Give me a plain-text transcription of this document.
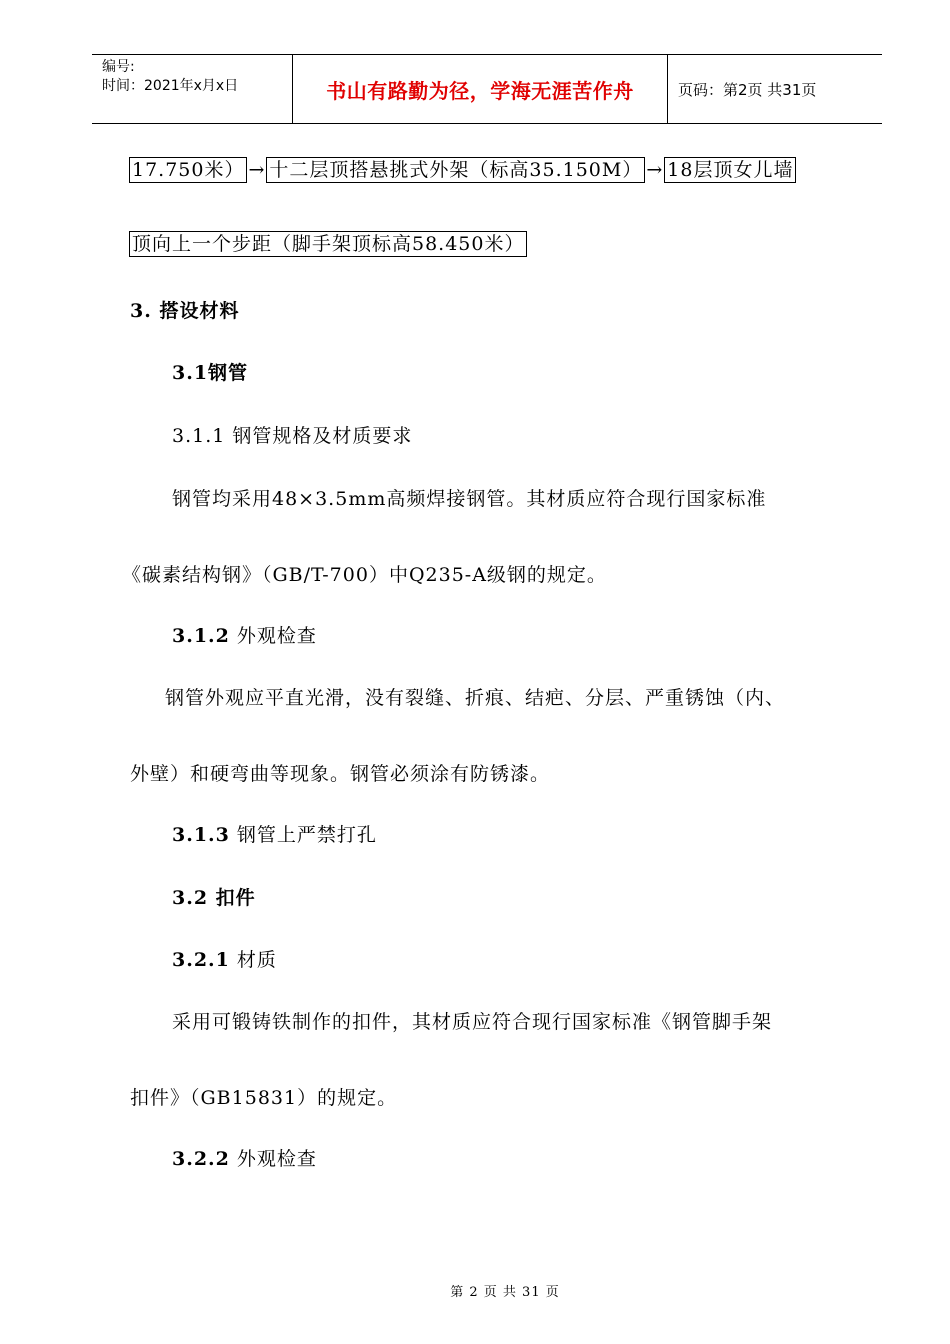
编号:
时间：2021年x月x日	书山有路勤为径，学海无涯苦作舟	页码：第2页 共31页
17.750米） → 十二层顶搭悬挑式外架（标高35.150M） →18层顶女儿墙
顶向上一个步距（脚手架顶标高58.450米）
3. 搭设材料
3.1钢管
3.1.1 钢管规格及材质要求
钢管均采用48×3.5mm高频焊接钢管。其材质应符合现行国家标准
《碳素结构钢》（GB/T-700）中Q235-A级钢的规定。
3.1.2 外观检查
钢管外观应平直光滑，没有裂缝、折痕、结疤、分层、严重锈蚀（内、
外壁）和硬弯曲等现象。钢管必须涂有防锈漆。
3.1.3 钢管上严禁打孔
3.2 扣件
3.2.1 材质
采用可锻铸铁制作的扣件，其材质应符合现行国家标准《钢管脚手架
扣件》（GB15831）的规定。
3.2.2 外观检查
第 2 页 共 31 页
